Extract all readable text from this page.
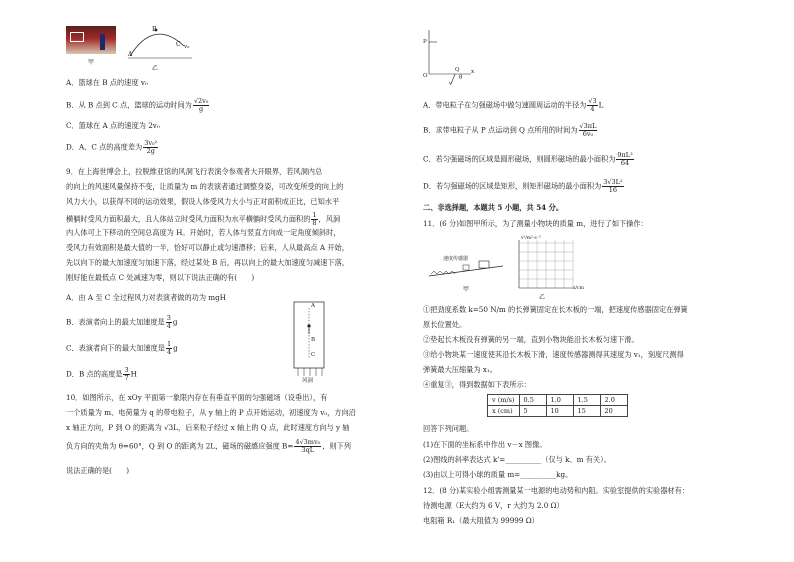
甲
A
B
C v₀
乙
A．篮球在 B 点的速度 v₀
B．从 B 点到 C 点，篮球的运动时间为 $\frac{\text{√2v₀}}{g}$
C．篮球在 A 点的速度为 2v₀
D．A、C 点的高度差为 $\frac{\text{3v₀²}}{2g}$
9．在上海世博会上，拉脱维亚馆的风洞飞行表演令参观者大开眼界，若风洞内总
的向上的风速风量保持不变，让质量为 m 的表演者通过调整身姿，可改变所受的向上的
风力大小，以获得不同的运动效果，假设人体受风力大小与正对面积成正比，已知水平
横躺时受风力面积最大，且人体站立时受风力面积为水平横躺时受风力面积的 $\frac{1}{8}$ ，风洞
内人体可上下移动的空间总高度为 H。开始时，若人体与竖直方向成一定角度倾斜时，
受风力有效面积是最大值的一半，恰好可以静止或匀速漂移；后来，人从最高点 A 开始，
先以向下的最大加速度匀加速下落，经过某处 B 后，再以向上的最大加速度匀减速下落，
刚好能在最低点 C 处减速为零，则以下说法正确的有(　　)
A．由 A 至 C 全过程风力对表演者做的功为 mgH
B．表演者向上的最大加速度是 $\frac{3}{4}$ g
C．表演者向下的最大加速度是 $\frac{1}{4}$ g
D．B 点的高度是 $\frac{3}{7}$ H
A
B
C
风洞
10．如图所示，在 xOy 平面第一象限内存在有垂直平面的匀强磁场（设垂出），有
一个质量为 m、电荷量为 q 的带电粒子，从 y 轴上的 P 点开始运动，初速度为 v₀，方向沿
x 轴正方向，P 到 O 的距离为 √3L，后来粒子经过 x 轴上的 Q 点，此时速度方向与 y 轴
负方向的夹角为 θ=60°，Q 到 O 的距离为 2L，磁场的磁感应强度 $B= \frac{\text{4√3mv₀}}{3qL}$ ，则下列
说法正确的是(　　)
P
O
Q x
θ
v
A．带电粒子在匀强磁场中做匀速圆周运动的半径为 $\frac{√3}{4}$ L
B．求带电粒子从 P 点运动到 Q 点所用的时间为 $\frac{√3\pi L}{\text{6v₀}}$
C．若匀强磁场的区域是圆形磁场，则圆形磁场的最小面积为 $\frac{\text{9πL²}}{64}$
D．若匀强磁场的区域是矩形，则矩形磁场的最小面积为 $\frac{\text{3√3L²}}{16}$
二、非选择题，本题共 5 小题，共 54 分。
11．(6 分)如图甲所示，为了测量小物块的质量 m，进行了如下操作：
速度传感器
甲
v²/m²·s⁻²
x/cm
乙
①把劲度系数 k=50 N/m 的长弹簧固定在长木板的一端，把速度传感器固定在弹簧
原长位置处。
②垫起长木板没有弹簧的另一端，直到小物块能沿长木板匀速下滑。
③给小物块某一速度使其沿长木板下滑，速度传感器测得其速度为 v₁，刻度尺测得
弹簧最大压缩量为 x₁。
④重复③，得到数据如下表所示：
v (m/s)	0.5	1.0	1.5	2.0
x (cm)	5	10	15	20
回答下列问题。
(1)在下面的坐标系中作出 v－x 图像。
(2)图线的斜率表达式 k'=__________（仅与 k、m 有关）。
(3)由以上可得小球的质量 m=__________kg。
12．(8 分)某实验小组需测量某一电源的电动势和内阻。实验室提供的实验器材有：
待测电源（E大约为 6 V，r 大约为 2.0 Ω）
电阻箱 R₁（最大阻值为 99999 Ω）
